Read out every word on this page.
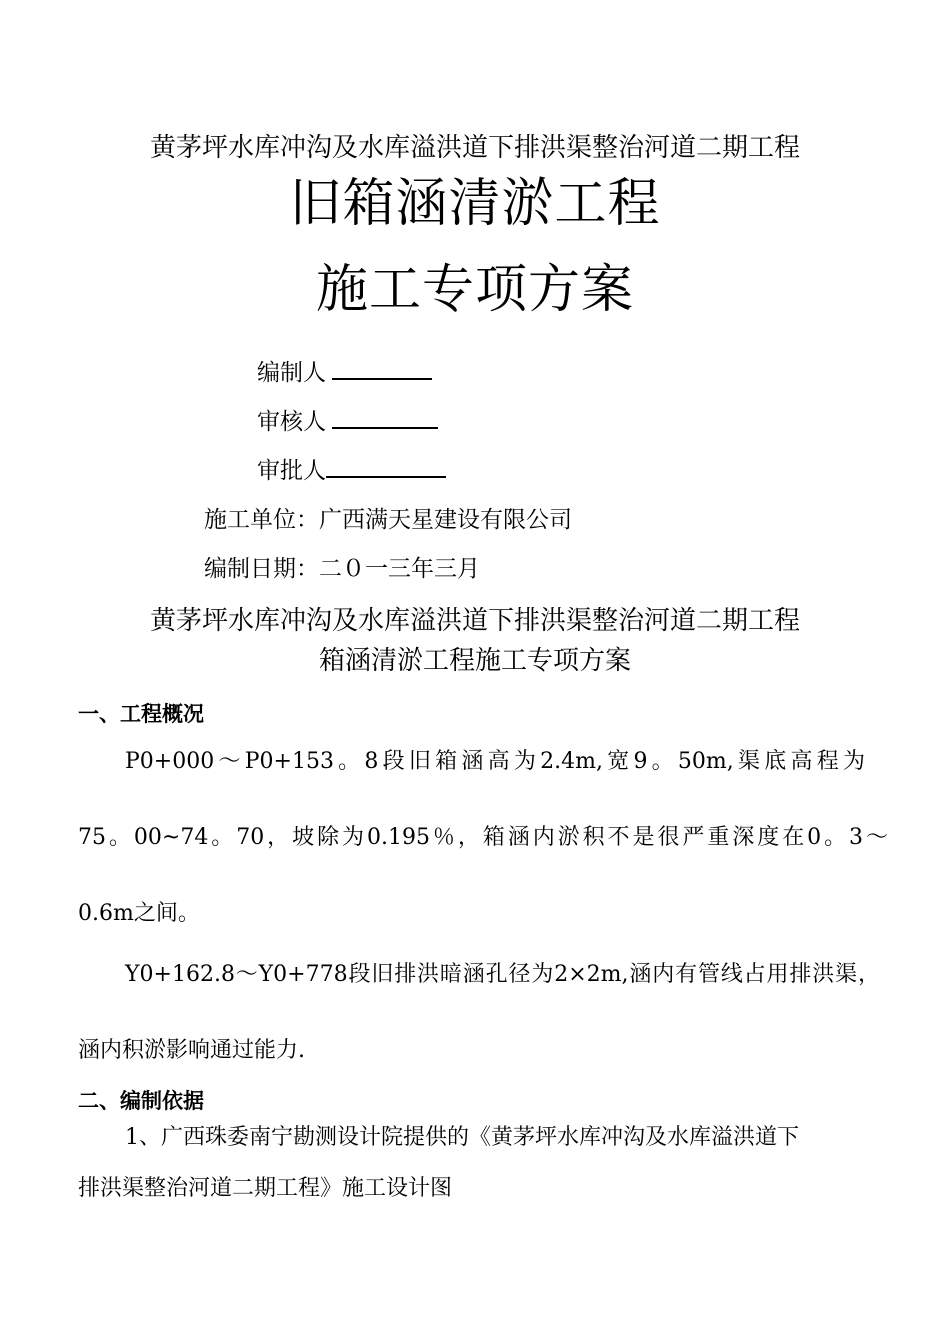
黄茅坪水库冲沟及水库溢洪道下排洪渠整治河道二期工程
旧箱涵清淤工程
施工专项方案
编制人
审核人
审批人
施工单位：广西满天星建设有限公司
编制日期：二０一三年三月
黄茅坪水库冲沟及水库溢洪道下排洪渠整治河道二期工程
箱涵清淤工程施工专项方案
一、工程概况
P0+000～P0+153。8段旧箱涵高为2.4m,宽9。50m,渠底高程为
75。00~74。70，坡除为0.195％，箱涵内淤积不是很严重深度在0。3～
0.6m之间。
Y0+162.8～Y0+778段旧排洪暗涵孔径为2×2m,涵内有管线占用排洪渠，
涵内积淤影响通过能力.
二、编制依据
1、广西珠委南宁勘测设计院提供的《黄茅坪水库冲沟及水库溢洪道下
排洪渠整治河道二期工程》施工设计图
